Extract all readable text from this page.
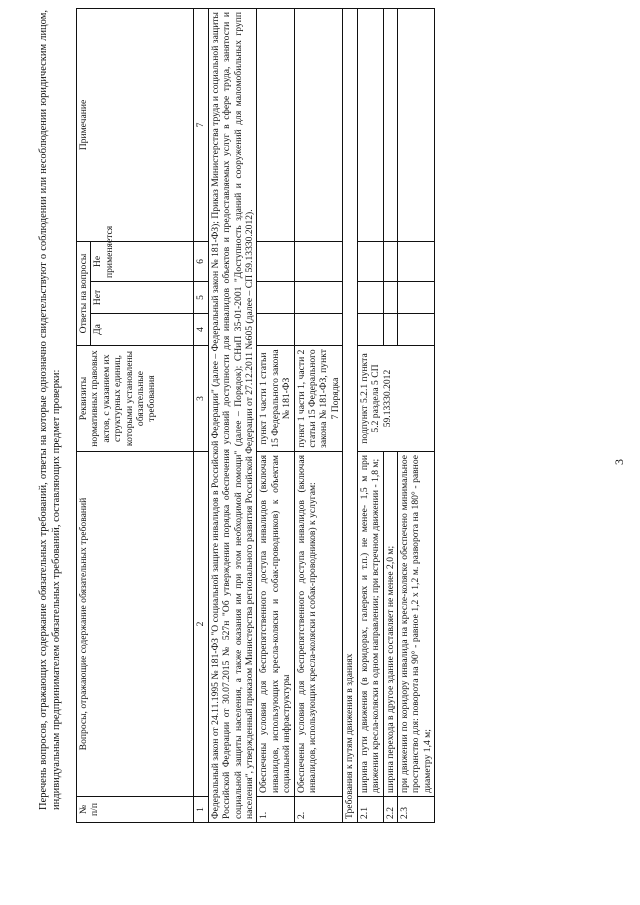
3
Перечень вопросов, отражающих содержание обязательных требований, ответы на которые однозначно свидетельствуют о соблюдении или несоблюдении юридическим лицом, индивидуальным предпринимателем обязательных требований, составляющих предмет проверки: № п/п	Вопросы, отражающие содержание обязательных требований	Реквизиты нормативных правовых актов, с указанием их структурных единиц, которыми установлены обязательные требования	Ответы на вопросы			Примечание
			Да	Нет	Не применяется	
1	2	3	4	5	6	7
Федеральный закон от 24.11.1995 № 181-ФЗ "О социальной защите инвалидов в Российской Федерации" (далее – Федеральный закон № 181-ФЗ); Приказ Министерства труда и социальной защиты Российской Федерации от 30.07.2015 № 527н "Об утверждении порядка обеспечения условий доступности для инвалидов объектов и предоставляемых услуг в сфере труда, занятости и социальной защиты населения, а также оказания им при этом необходимой помощи" (далее – Порядок); СНиП 35-01-2001 "Доступность зданий и сооружений для маломобильных групп населения", утвержденный приказом Министерства регионального развития Российской Федерации от 27.12.2011 №605 (далее – СП 59.13330.2012).						
1.	Обеспечены условия для беспрепятственного доступа инвалидов (включая инвалидов, использующих кресла-коляски и собак-проводников) к объектам социальной инфраструктуры	пункт 1 части 1 статьи 15 Федерального закона № 181-ФЗ				
2.	Обеспечены условия для беспрепятственного доступа инвалидов (включая инвалидов, использующих кресла-коляски и собак-проводников) к услугам:	пункт 1 части 1, части 2 статьи 15 Федерального закона № 181-ФЗ, пункт 7 Порядка				
Требования к путям движения в зданиях						
2.1	ширина пути движения (в коридорах, галереях и т.п.) не менее- 1,5 м при движении кресла-коляски в одном направлении; при встречном движении - 1,8 м;	подпункт 5.2.1 пункта 5.2 раздела 5 СП 59.13330.2012				
2.2	ширина перехода в другое здание составляет не менее 2,0 м;					
2.3	при движении по коридору инвалида на кресле-коляске обеспечено минимальное пространство для: поворота на 90° - равное 1,2 х 1,2 м. разворота на 180° - равное диаметру 1,4 м;					
